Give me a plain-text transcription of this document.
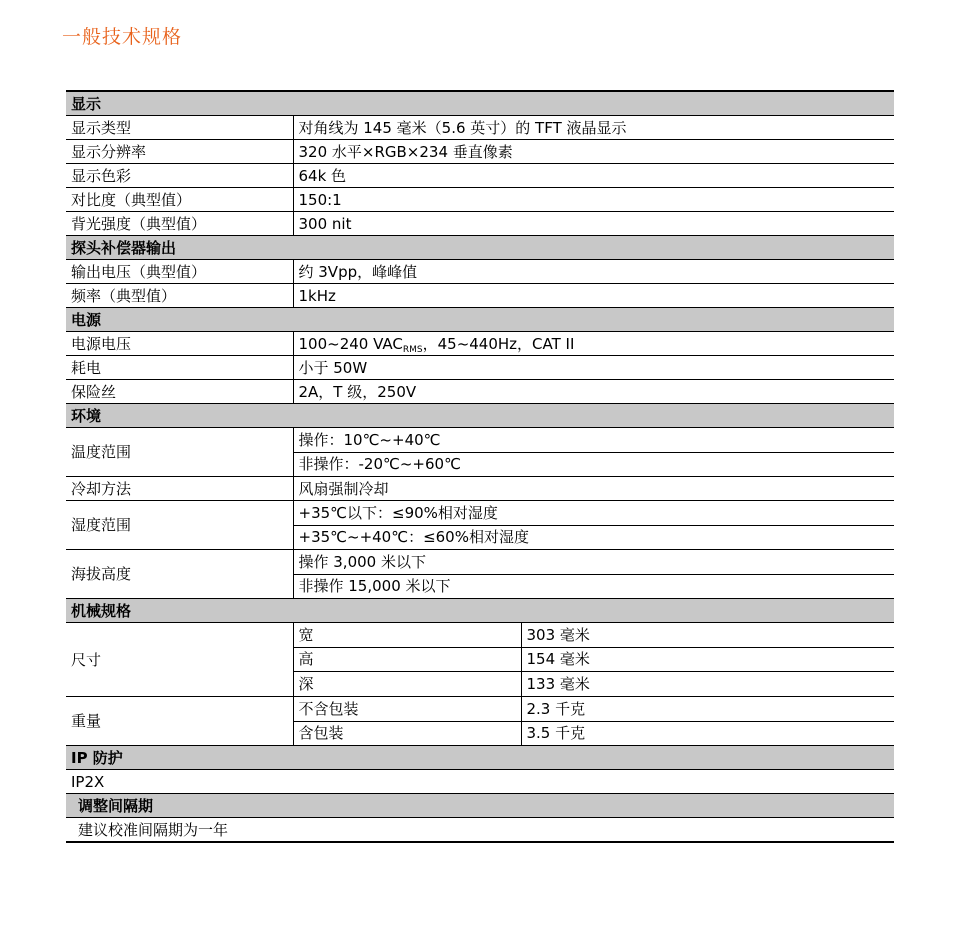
一般技术规格
显示		
显示类型	对角线为 145 毫米（5.6 英寸）的 TFT 液晶显示	
显示分辨率	320 水平×RGB×234 垂直像素	
显示色彩	64k 色	
对比度（典型值）	150:1	
背光强度（典型值）	300 nit	
探头补偿器输出		
输出电压（典型值）	约 3Vpp，峰峰值	
频率（典型值）	1kHz	
电源		
电源电压	100~240 $VAC_{RMS}$，45~440Hz，CAT II	
耗电	小于 50W	
保险丝	2A，T 级，250V	
环境		
温度范围	操作：10℃~+40℃	
	非操作：-20℃~+60℃	
冷却方法	风扇强制冷却	
湿度范围	+35℃以下：≤90%相对湿度	
	+35℃~+40℃：≤60%相对湿度	
海拔高度	操作 3,000 米以下	
	非操作 15,000 米以下	
机械规格		
尺寸	宽	303 毫米
	高	154 毫米
	深	133 毫米
重量	不含包装	2.3 千克
	含包装	3.5 千克
IP 防护		
IP2X		
调整间隔期		
建议校准间隔期为一年		
